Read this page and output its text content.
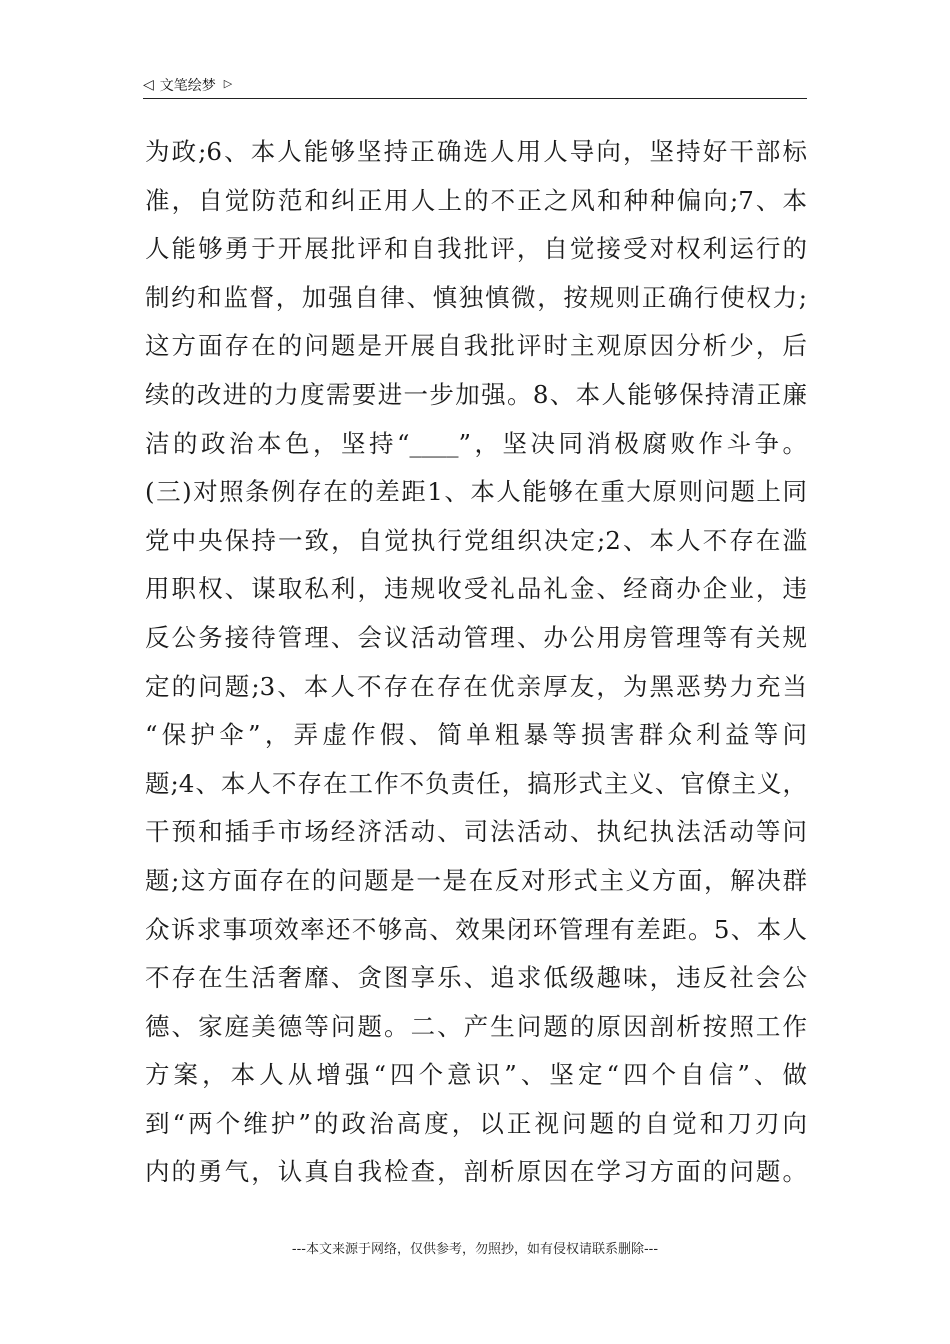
◁ 文笔绘梦 ▷
为政;6、本人能够坚持正确选人用人导向，坚持好干部标
准，自觉防范和纠正用人上的不正之风和种种偏向;7、本
人能够勇于开展批评和自我批评，自觉接受对权利运行的
制约和监督，加强自律、慎独慎微，按规则正确行使权力;
这方面存在的问题是开展自我批评时主观原因分析少，后
续的改进的力度需要进一步加强。8、本人能够保持清正廉
洁的政治本色，坚持“____”，坚决同消极腐败作斗争。
(三)对照条例存在的差距1、本人能够在重大原则问题上同
党中央保持一致，自觉执行党组织决定;2、本人不存在滥
用职权、谋取私利，违规收受礼品礼金、经商办企业，违
反公务接待管理、会议活动管理、办公用房管理等有关规
定的问题;3、本人不存在存在优亲厚友，为黑恶势力充当
“保护伞”，弄虚作假、简单粗暴等损害群众利益等问
题;4、本人不存在工作不负责任，搞形式主义、官僚主义，
干预和插手市场经济活动、司法活动、执纪执法活动等问
题;这方面存在的问题是一是在反对形式主义方面，解决群
众诉求事项效率还不够高、效果闭环管理有差距。5、本人
不存在生活奢靡、贪图享乐、追求低级趣味，违反社会公
德、家庭美德等问题。二、产生问题的原因剖析按照工作
方案，本人从增强“四个意识”、坚定“四个自信”、做
到“两个维护”的政治高度，以正视问题的自觉和刀刃向
内的勇气，认真自我检查，剖析原因在学习方面的问题。
---本文来源于网络，仅供参考，勿照抄，如有侵权请联系删除---
